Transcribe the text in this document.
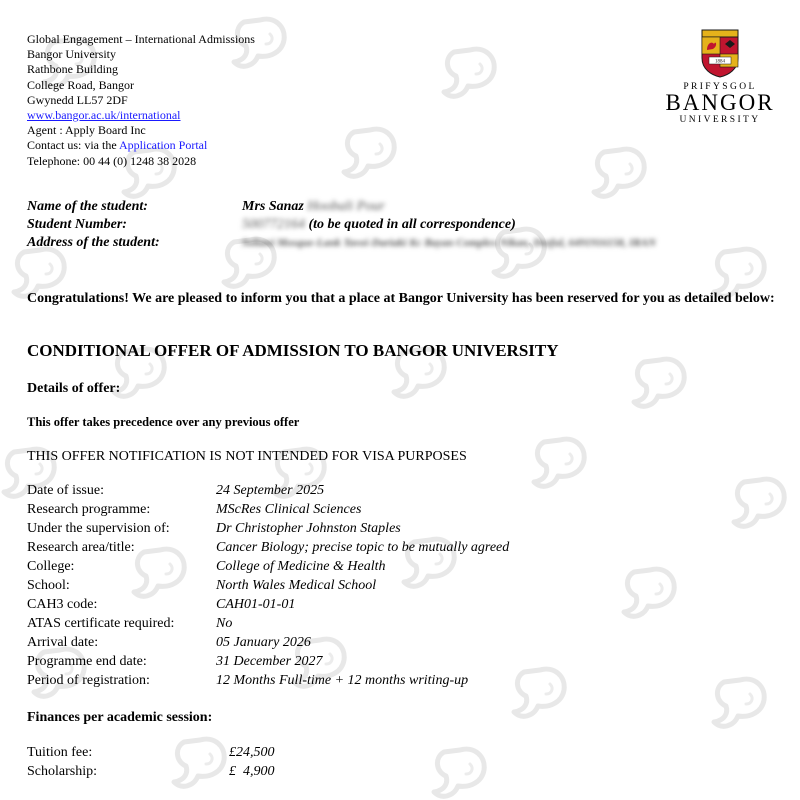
Global Engagement – International Admissions
Bangor University
Rathbone Building
College Road, Bangor
Gwynedd LL57 2DF
www.bangor.ac.uk/international
Agent : Apply Board Inc
Contact us: via the Application Portal
Telephone: 00 44 (0) 1248 38 2028
1884
PRIFYSGOL
BANGOR
UNIVERSITY
Name of the student:	Mrs Sanaz Hoobali Pour
Student Number:	500772164 (to be quoted in all correspondence)
Address of the student:	Soltani Mosque-Lank Tavoi-Dariaki Kc Bayan Complex Nikan, Dezful, 6491916158, IRAN
Congratulations! We are pleased to inform you that a place at Bangor University has been reserved for you as detailed below:
CONDITIONAL OFFER OF ADMISSION TO BANGOR UNIVERSITY
Details of offer:
This offer takes precedence over any previous offer
THIS OFFER NOTIFICATION IS NOT INTENDED FOR VISA PURPOSES
Date of issue:	24 September 2025
Research programme:	MScRes Clinical Sciences
Under the supervision of:	Dr Christopher Johnston Staples
Research area/title:	Cancer Biology; precise topic to be mutually agreed
College:	College of Medicine & Health
School:	North Wales Medical School
CAH3 code:	CAH01-01-01
ATAS certificate required:	No
Arrival date:	05 January 2026
Programme end date:	31 December 2027
Period of registration:	12 Months Full-time + 12 months writing-up
Finances per academic session:
Tuition fee:	£24,500
Scholarship:	£  4,900
